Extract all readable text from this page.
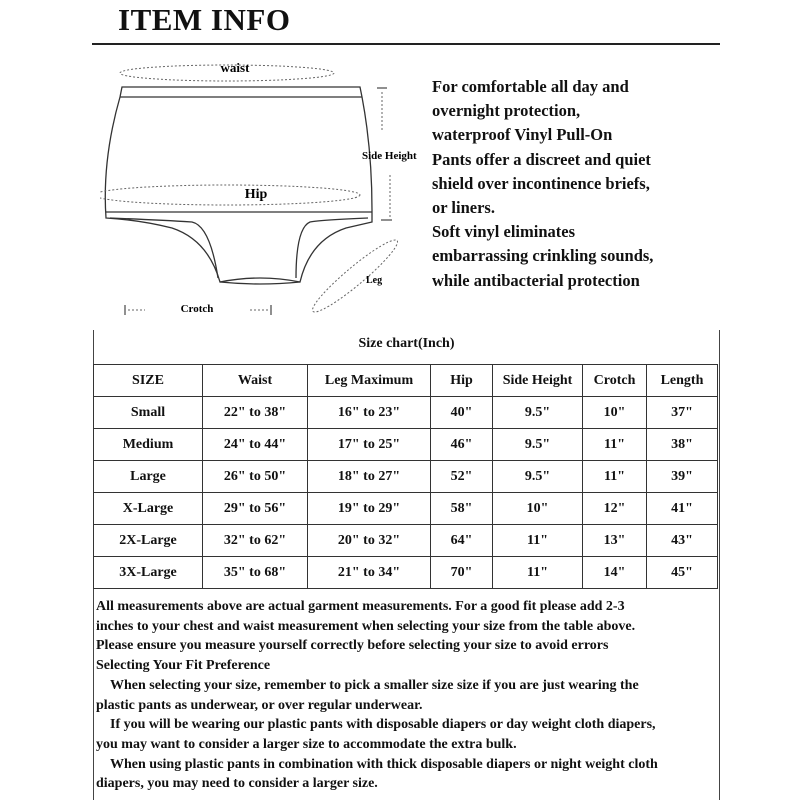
ITEM INFO
waist
Hip
Side Height
Leg
Crotch
For comfortable all day and
overnight protection,
waterproof Vinyl Pull-On
Pants offer a discreet and quiet
shield over incontinence briefs,
or liners.
Soft vinyl eliminates
embarrassing crinkling sounds,
while antibacterial protection
Size chart(Inch)
SIZE	Waist	Leg Maximum	Hip	Side Height	Crotch	Length
Small	22" to 38"	16" to 23"	40"	9.5"	10"	37"
Medium	24" to 44"	17" to 25"	46"	9.5"	11"	38"
Large	26" to 50"	18" to 27"	52"	9.5"	11"	39"
X-Large	29" to 56"	19" to 29"	58"	10"	12"	41"
2X-Large	32" to 62"	20" to 32"	64"	11"	13"	43"
3X-Large	35" to 68"	21" to 34"	70"	11"	14"	45"
All measurements above are actual garment measurements. For a good fit please add 2-3
inches to your chest and waist measurement when selecting your size from the table above.
Please ensure you measure yourself correctly before selecting your size to avoid errors
Selecting Your Fit Preference
When selecting your size, remember to pick a smaller size size if you are just wearing the
plastic pants as underwear, or over regular underwear.
If you will be wearing our plastic pants with disposable diapers or day weight cloth diapers,
you may want to consider a larger size to accommodate the extra bulk.
When using plastic pants in combination with thick disposable diapers or night weight cloth
diapers, you may need to consider a larger size.
